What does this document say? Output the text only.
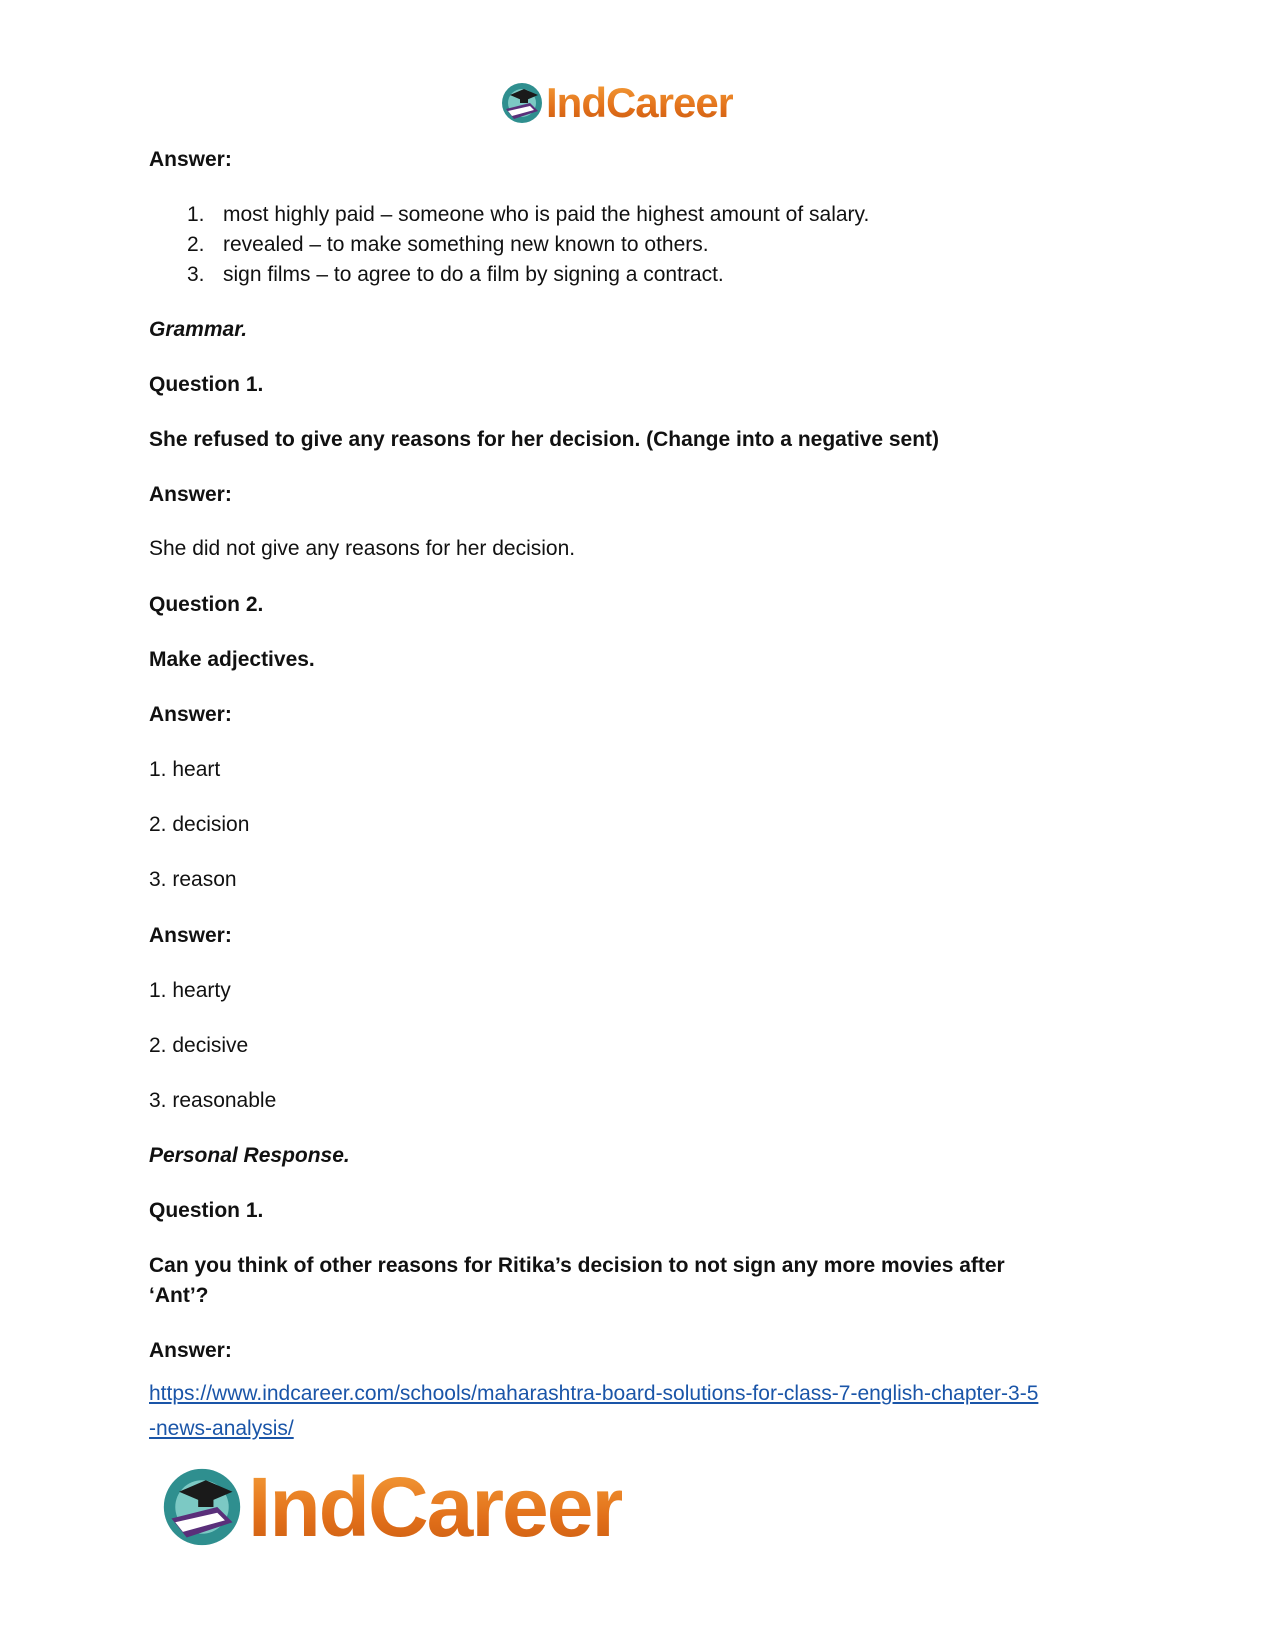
IndCareer
Answer:
1. most highly paid – someone who is paid the highest amount of salary.
2. revealed – to make something new known to others.
3. sign films – to agree to do a film by signing a contract.
Grammar.
Question 1.
She refused to give any reasons for her decision. (Change into a negative sent)
Answer:
She did not give any reasons for her decision.
Question 2.
Make adjectives.
Answer:
1. heart
2. decision
3. reason
Answer:
1. hearty
2. decisive
3. reasonable
Personal Response.
Question 1.
Can you think of other reasons for Ritika’s decision to not sign any more movies after
‘Ant’?
Answer:
https://www.indcareer.com/schools/maharashtra-board-solutions-for-class-7-english-chapter-3-5
-news-analysis/
IndCareer
